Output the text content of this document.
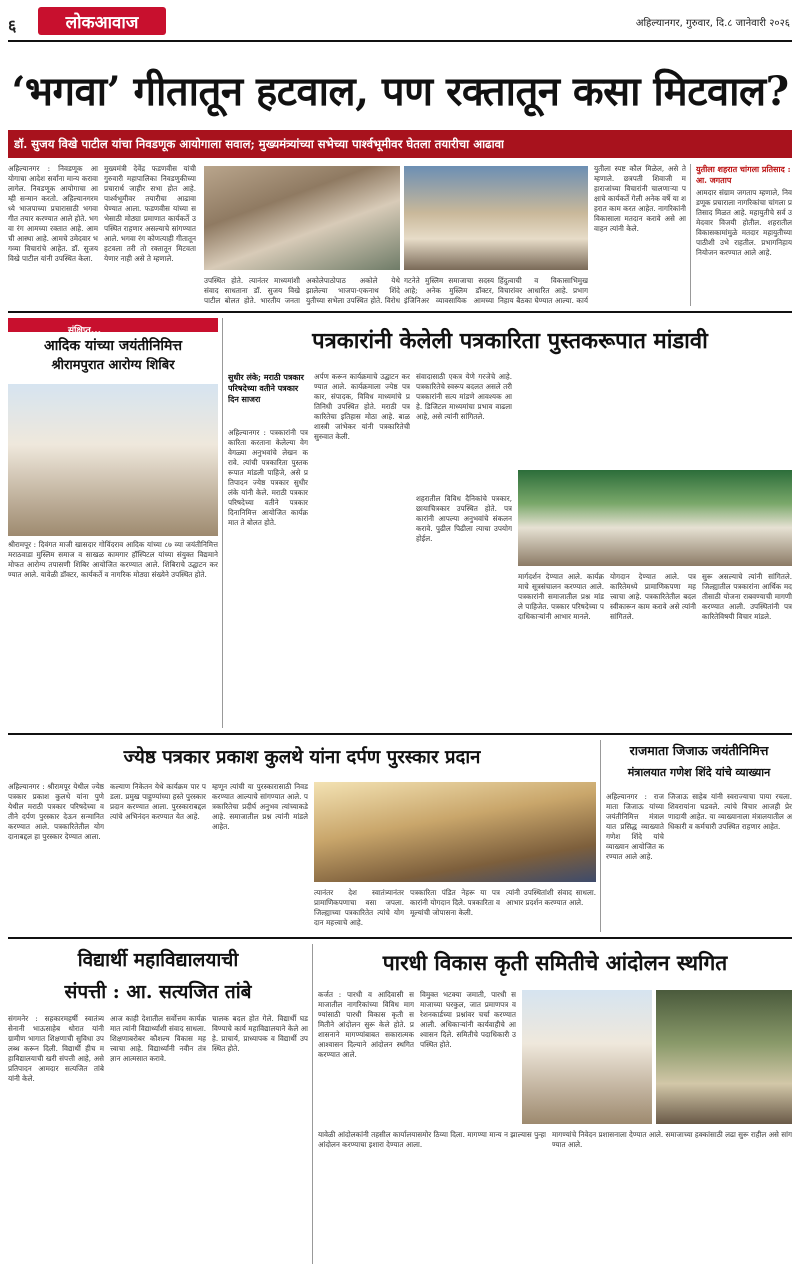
६	लोकआवाज	अहिल्यानगर, गुरुवार, दि.८ जानेवारी २०२६
‘भगवा’ गीतातून हटवाल, पण रक्तातून कसा मिटवाल?
डॉ. सुजय विखे पाटील यांचा निवडणूक आयोगाला सवाल; मुख्यमंत्र्यांच्या सभेच्या पार्श्वभूमीवर घेतला तयारीचा आढावा
अहिल्यानगर : निवडणूक आयोगाचा आदेश सर्वांना मान्य करावा लागेल. निवडणूक आयोगाचा आम्ही सन्मान करतो. अहिल्यानगरमध्ये भाजपाच्या प्रचारासाठी भगवा गीत तयार करण्यात आले होते. भगवा रंग आमच्या रक्तात आहे. आमची आस्था आहे. आमचे उमेदवार भगव्या विचारांचे आहेत. डॉ. सुजय विखे पाटील यांनी उपस्थित केला.
मुख्यमंत्री देवेंद्र फडणवीस यांची गुरुवारी महापालिका निवडणुकीच्या प्रचारार्थ जाहीर सभा होत आहे. पार्श्वभूमीवर तयारीचा आढावा घेण्यात आला. फडणवीस यांच्या सभेसाठी मोठ्या प्रमाणात कार्यकर्ते उपस्थित राहणार असल्याचे सांगण्यात आले. भगवा रंग कोणत्याही गीतातून हटवला तरी तो रक्तातून मिटवता येणार नाही असे ते म्हणाले.
उपस्थित होते. त्यानंतर माध्यमांशी संवाद साधताना डॉ. सुजय विखे पाटील बोलत होते. भारतीय जनता
अकोलेपाठोपाठ अकोले येथे झालेल्या भाजपा-एकनाथ शिंदे युतीच्या सभेला उपस्थित होते. विरोध
गटनेते मुस्लिम समाजाचा सदस्य आहे; अनेक मुस्लिम डॉक्टर, इंजिनिअर व्यावसायिक आमच्या
हिंदुत्वाची व विकासाभिमुख विचारांवर आधारित आहे. प्रभागनिहाय बैठका घेण्यात आल्या. कार्य
युतीला स्पष्ट कौल मिळेल, असे ते म्हणाले. छत्रपती शिवाजी महाराजांच्या विचारांनी चालणाऱ्या पक्षाचे कार्यकर्ते गेली अनेक वर्षे या शहरात काम करत आहेत. नागरिकांनी विकासाला मतदान करावे असे आवाहन त्यांनी केले.
युतीला शहरात चांगला प्रतिसाद : आ. जगताप
आमदार संग्राम जगताप म्हणाले, निवडणूक प्रचाराला नागरिकांचा चांगला प्रतिसाद मिळत आहे. महायुतीचे सर्व उमेदवार विजयी होतील. शहरातील विकासकामांमुळे मतदार महायुतीच्या पाठीशी उभे राहतील. प्रभागनिहाय नियोजन करण्यात आले आहे.
संक्षिप्त...
आदिक यांच्या जयंतीनिमित्त
श्रीरामपुरात आरोग्य शिबिर
श्रीरामपूर : दिवंगत माजी खासदार गोविंदराव आदिक यांच्या ८७ व्या जयंतीनिमित्त मराठवाडा मुस्लिम समाज व साखळ कामगार हॉस्पिटल यांच्या संयुक्त विद्यमाने मोफत आरोग्य तपासणी शिबिर आयोजित करण्यात आले. शिबिराचे उद्घाटन करण्यात आले. यावेळी डॉक्टर, कार्यकर्ते व नागरिक मोठ्या संख्येने उपस्थित होते.
पत्रकारांनी केलेली पत्रकारिता पुस्तकरूपात मांडावी
सुधीर लंके; मराठी पत्रकार परिषदेच्या वतीने पत्रकार दिन साजरा
अहिल्यानगर : पत्रकारांनी पत्रकारिता करताना केलेल्या वेगवेगळ्या अनुभवांचे लेखन करावे. त्यांची पत्रकारिता पुस्तकरूपात मांडली पाहिजे, असे प्रतिपादन ज्येष्ठ पत्रकार सुधीर लंके यांनी केले. मराठी पत्रकार परिषदेच्या वतीने पत्रकार दिनानिमित्त आयोजित कार्यक्रमात ते बोलत होते.
अर्पण करून कार्यक्रमाचे उद्घाटन करण्यात आले. कार्यक्रमाला ज्येष्ठ पत्रकार, संपादक, विविध माध्यमांचे प्रतिनिधी उपस्थित होते. मराठी पत्रकारितेचा इतिहास मोठा आहे. बाळशास्त्री जांभेकर यांनी पत्रकारितेची सुरुवात केली.
संवादासाठी एकत्र येणे गरजेचे आहे. पत्रकारितेचे स्वरूप बदलत असले तरी पत्रकारांनी सत्य मांडणे आवश्यक आहे. डिजिटल माध्यमांचा प्रभाव वाढला आहे, असे त्यांनी सांगितले.
शहरातील विविध दैनिकांचे पत्रकार, छायाचित्रकार उपस्थित होते. पत्रकारांनी आपल्या अनुभवांचे संकलन करावे. पुढील पिढीला त्याचा उपयोग होईल.
मार्गदर्शन देण्यात आले. कार्यक्रमाचे सूत्रसंचालन करण्यात आले. पत्रकारांनी समाजातील प्रश्न मांडले पाहिजेत. पत्रकार परिषदेच्या पदाधिकाऱ्यांनी आभार मानले.
योगदान देण्यात आले. पत्रकारितेमध्ये प्रामाणिकपणा महत्त्वाचा आहे. पत्रकारितेतील बदल स्वीकारून काम करावे असे त्यांनी सांगितले.
सुरू असल्याचे त्यांनी सांगितले. जिल्ह्यातील पत्रकारांना आर्थिक मदतीसाठी योजना राबवण्याची मागणी करण्यात आली. उपस्थितांनी पत्रकारितेविषयी विचार मांडले.
ज्येष्ठ पत्रकार प्रकाश कुलथे यांना दर्पण पुरस्कार प्रदान
अहिल्यानगर : श्रीरामपूर येथील ज्येष्ठ पत्रकार प्रकाश कुलथे यांना पुणे येथील मराठी पत्रकार परिषदेच्या वतीने दर्पण पुरस्कार देऊन सन्मानित करण्यात आले. पत्रकारितेतील योगदानाबद्दल हा पुरस्कार देण्यात आला.
कल्याण निकेतन येथे कार्यक्रम पार पडला. प्रमुख पाहुण्यांच्या हस्ते पुरस्कार प्रदान करण्यात आला. पुरस्काराबद्दल त्यांचे अभिनंदन करण्यात येत आहे.
म्हणून त्यांची या पुरस्कारासाठी निवड करण्यात आल्याचे सांगण्यात आले. पत्रकारितेचा प्रदीर्घ अनुभव त्यांच्याकडे आहे. समाजातील प्रश्न त्यांनी मांडले आहेत.
त्यानंतर देश स्वातंत्र्यानंतर प्रामाणिकपणाचा वसा जपला. जिल्ह्याच्या पत्रकारितेत त्यांचे योगदान महत्त्वाचे आहे.
पत्रकारिता पंडित नेहरू या पत्रकारांनी योगदान दिले. पत्रकारिता व मूल्यांची जोपासना केली.
त्यांनी उपस्थितांशी संवाद साधला. आभार प्रदर्शन करण्यात आले.
राजमाता जिजाऊ जयंतीनिमित्त
मंत्रालयात गणेश शिंदे यांचे व्याख्यान
अहिल्यानगर : राजमाता जिजाऊ यांच्या जयंतीनिमित्त मंत्रालयात प्रसिद्ध व्याख्याते गणेश शिंदे यांचे व्याख्यान आयोजित करण्यात आले आहे.
जिजाऊ साहेब यांनी स्वराज्याचा पाया रचला. शिवरायांना घडवले. त्यांचे विचार आजही प्रेरणादायी आहेत. या व्याख्यानाला मंत्रालयातील अधिकारी व कर्मचारी उपस्थित राहणार आहेत.
विद्यार्थी महाविद्यालयाची
संपत्ती : आ. सत्यजित तांबे
संगमनेर : सहकारमहर्षी स्वातंत्र्य सेनानी भाऊसाहेब थोरात यांनी ग्रामीण भागात शिक्षणाची सुविधा उपलब्ध करून दिली. विद्यार्थी हीच महाविद्यालयाची खरी संपत्ती आहे, असे प्रतिपादन आमदार सत्यजित तांबे यांनी केले.
आज काही देशातील सर्वोत्तम कार्यक्रमात त्यांनी विद्यार्थ्यांशी संवाद साधला. शिक्षणाबरोबर कौशल्य विकास महत्त्वाचा आहे. विद्यार्थ्यांनी नवीन तंत्रज्ञान आत्मसात करावे.
चालक बदल होत गेले. विद्यार्थी घडविण्याचे कार्य महाविद्यालयाने केले आहे. प्राचार्य, प्राध्यापक व विद्यार्थी उपस्थित होते.
पारधी विकास कृती समितीचे आंदोलन स्थगित
कर्जत : पारधी व आदिवासी समाजातील नागरिकांच्या विविध मागण्यांसाठी पारधी विकास कृती समितीने आंदोलन सुरू केले होते. प्रशासनाने मागण्यांबाबत सकारात्मक आश्वासन दिल्याने आंदोलन स्थगित करण्यात आले.
विमुक्त भटक्या जमाती, पारधी समाजाच्या घरकुल, जात प्रमाणपत्र व रेशनकार्डच्या प्रश्नांवर चर्चा करण्यात आली. अधिकाऱ्यांनी कार्यवाहीचे आश्वासन दिले. समितीचे पदाधिकारी उपस्थित होते.
यावेळी आंदोलकांनी तहसील कार्यालयासमोर ठिय्या दिला. मागण्या मान्य न झाल्यास पुन्हा आंदोलन करण्याचा इशारा देण्यात आला.
मागण्यांचे निवेदन प्रशासनाला देण्यात आले. समाजाच्या हक्कांसाठी लढा सुरू राहील असे सांगण्यात आले.
